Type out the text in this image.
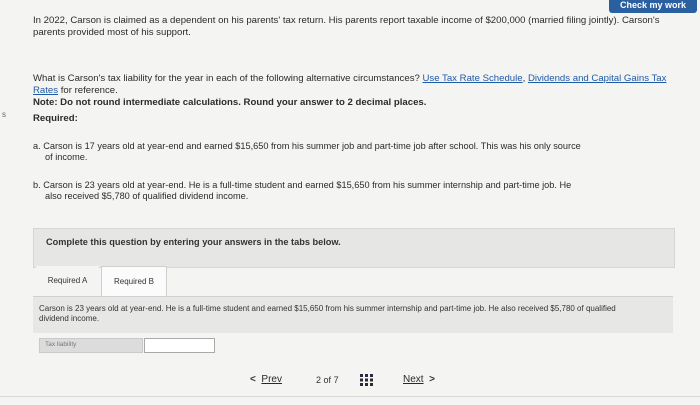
Check my work
s

In 2022, Carson is claimed as a dependent on his parents' tax return. His parents report taxable income of $200,000 (married filing jointly). Carson's parents provided most of his support.

What is Carson's tax liability for the year in each of the following alternative circumstances? Use Tax Rate Schedule, Dividends and Capital Gains Tax Rates for reference.

Note: Do not round intermediate calculations. Round your answer to 2 decimal places.
Required:
a. Carson is 17 years old at year-end and earned $15,650 from his summer job and part-time job after school. This was his only source
of income.
b. Carson is 23 years old at year-end. He is a full-time student and earned $15,650 from his summer internship and part-time job. He
also received $5,780 of qualified dividend income.
Complete this question by entering your answers in the tabs below.
Required A	Required B
Carson is 23 years old at year-end. He is a full-time student and earned $15,650 from his summer internship and part-time job. He also received $5,780 of qualified dividend income.
Tax liability
< Prev	2 of 7	Next >
